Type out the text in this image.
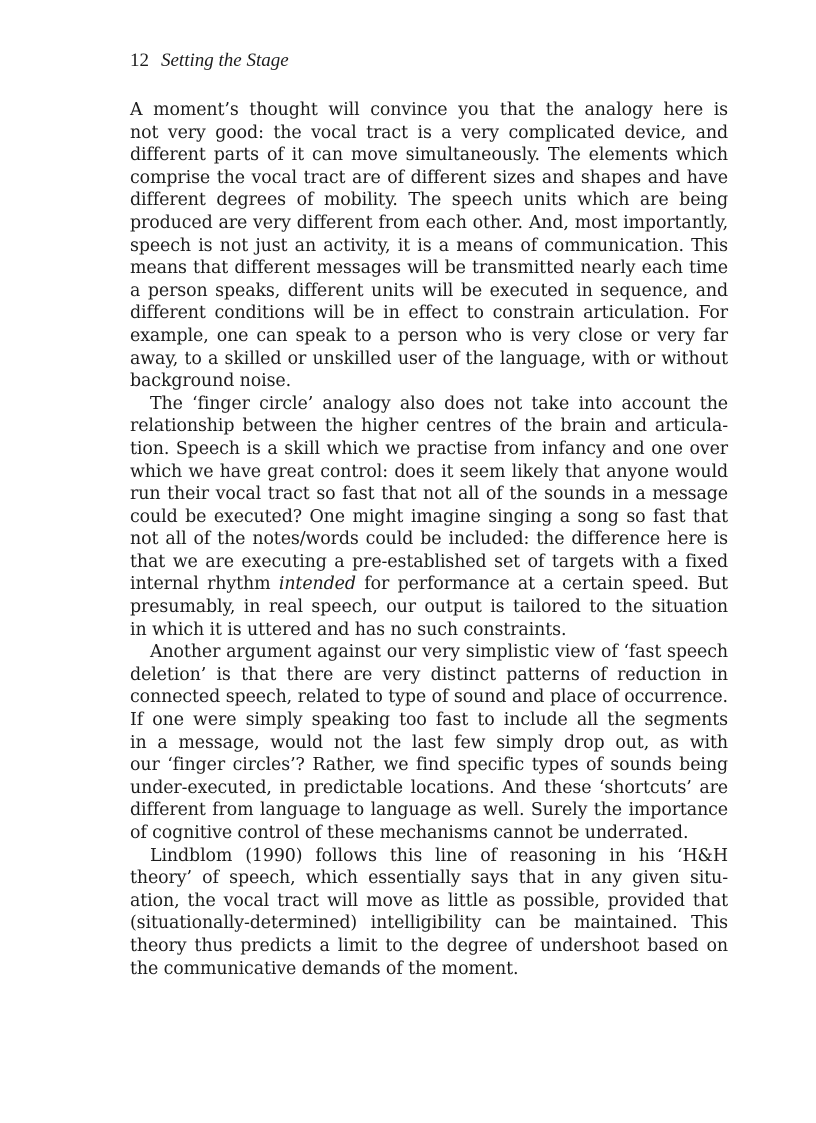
12 Setting the Stage
A moment’s thought will convince you that the analogy here is
not very good: the vocal tract is a very complicated device, and
different parts of it can move simultaneously. The elements which
comprise the vocal tract are of different sizes and shapes and have
different degrees of mobility. The speech units which are being
produced are very different from each other. And, most importantly,
speech is not just an activity, it is a means of communication. This
means that different messages will be transmitted nearly each time
a person speaks, different units will be executed in sequence, and
different conditions will be in effect to constrain articulation. For
example, one can speak to a person who is very close or very far
away, to a skilled or unskilled user of the language, with or without
background noise.
The ‘finger circle’ analogy also does not take into account the
relationship between the higher centres of the brain and articula-
tion. Speech is a skill which we practise from infancy and one over
which we have great control: does it seem likely that anyone would
run their vocal tract so fast that not all of the sounds in a message
could be executed? One might imagine singing a song so fast that
not all of the notes/words could be included: the difference here is
that we are executing a pre-established set of targets with a fixed
internal rhythm intended for performance at a certain speed. But
presumably, in real speech, our output is tailored to the situation
in which it is uttered and has no such constraints.
Another argument against our very simplistic view of ‘fast speech
deletion’ is that there are very distinct patterns of reduction in
connected speech, related to type of sound and place of occurrence.
If one were simply speaking too fast to include all the segments
in a message, would not the last few simply drop out, as with
our ‘finger circles’? Rather, we find specific types of sounds being
under-executed, in predictable locations. And these ‘shortcuts’ are
different from language to language as well. Surely the importance
of cognitive control of these mechanisms cannot be underrated.
Lindblom (1990) follows this line of reasoning in his ‘H&H
theory’ of speech, which essentially says that in any given situ-
ation, the vocal tract will move as little as possible, provided that
(situationally-determined) intelligibility can be maintained. This
theory thus predicts a limit to the degree of undershoot based on
the communicative demands of the moment.
